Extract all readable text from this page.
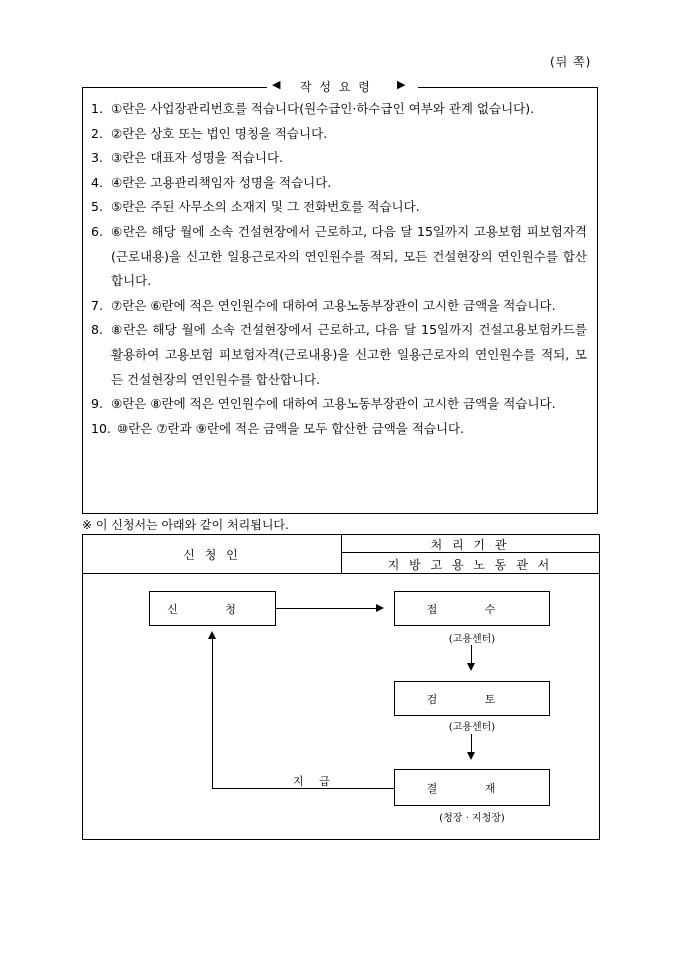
(뒤 쪽)
◀ 작 성 요 령 ▶
1. ①란은 사업장관리번호를 적습니다(원수급인·하수급인 여부와 관계 없습니다).
2. ②란은 상호 또는 법인 명칭을 적습니다.
3. ③란은 대표자 성명을 적습니다.
4. ④란은 고용관리책임자 성명을 적습니다.
5. ⑤란은 주된 사무소의 소재지 및 그 전화번호를 적습니다.
6. ⑥란은 해당 월에 소속 건설현장에서 근로하고, 다음 달 15일까지 고용보험 피보험자격(근로내용)을 신고한 일용근로자의 연인원수를 적되, 모든 건설현장의 연인원수를 합산합니다.
7. ⑦란은 ⑥란에 적은 연인원수에 대하여 고용노동부장관이 고시한 금액을 적습니다.
8. ⑧란은 해당 월에 소속 건설현장에서 근로하고, 다음 달 15일까지 건설고용보험카드를 활용하여 고용보험 피보험자격(근로내용)을 신고한 일용근로자의 연인원수를 적되, 모든 건설현장의 연인원수를 합산합니다.
9. ⑨란은 ⑧란에 적은 연인원수에 대하여 고용노동부장관이 고시한 금액을 적습니다.
10. ⑩란은 ⑦란과 ⑨란에 적은 금액을 모두 합산한 금액을 적습니다.
※ 이 신청서는 아래와 같이 처리됩니다.
신 청 인
처 리 기 관
지 방 고 용 노 동 관 서
신 청	접 수
(고용센터)
검 토
(고용센터)
결 재
(청장 · 지청장)
지 급
